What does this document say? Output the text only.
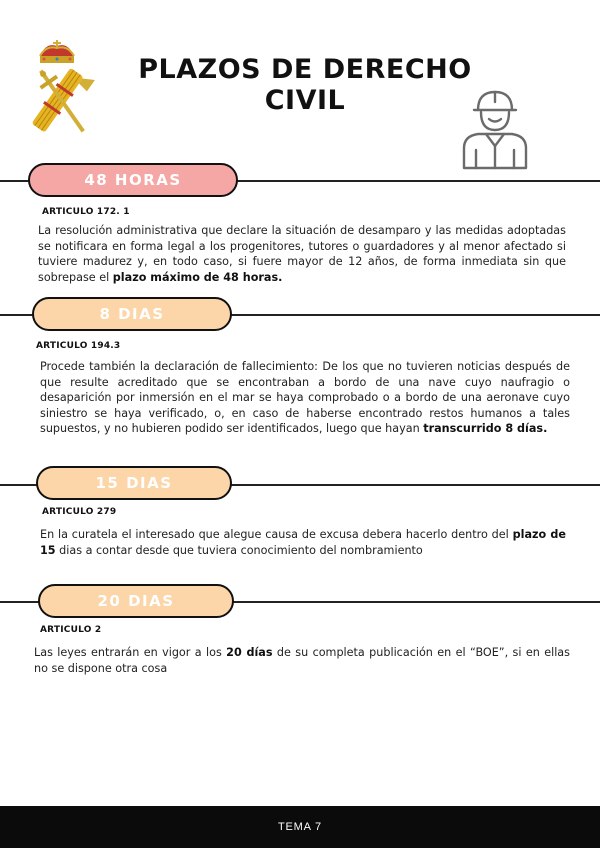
PLAZOS DE DERECHO
CIVIL
48 HORAS
ARTICULO 172. 1

La resolución administrativa que declare la situación de desamparo y las medidas adoptadas se notificara en forma legal a los progenitores, tutores o guardadores y al menor afectado si tuviere madurez y, en todo caso, si fuere mayor de 12 años, de forma inmediata sin que sobrepase el plazo máximo de 48 horas.

8 DIAS
ARTICULO 194.3

Procede también la declaración de fallecimiento: De los que no tuvieren noticias después de que resulte acreditado que se encontraban a bordo de una nave cuyo naufragio o desaparición por inmersión en el mar se haya comprobado o a bordo de una aeronave cuyo siniestro se haya verificado, o, en caso de haberse encontrado restos humanos a tales supuestos, y no hubieren podido ser identificados, luego que hayan transcurrido 8 días.

15 DIAS
ARTICULO 279

En la curatela el interesado que alegue causa de excusa debera hacerlo dentro del plazo de 15 dias a contar desde que tuviera conocimiento del nombramiento

20 DIAS
ARTICULO 2

Las leyes entrarán en vigor a los 20 días de su completa publicación en el “BOE”, si en ellas no se dispone otra cosa

TEMA 7
